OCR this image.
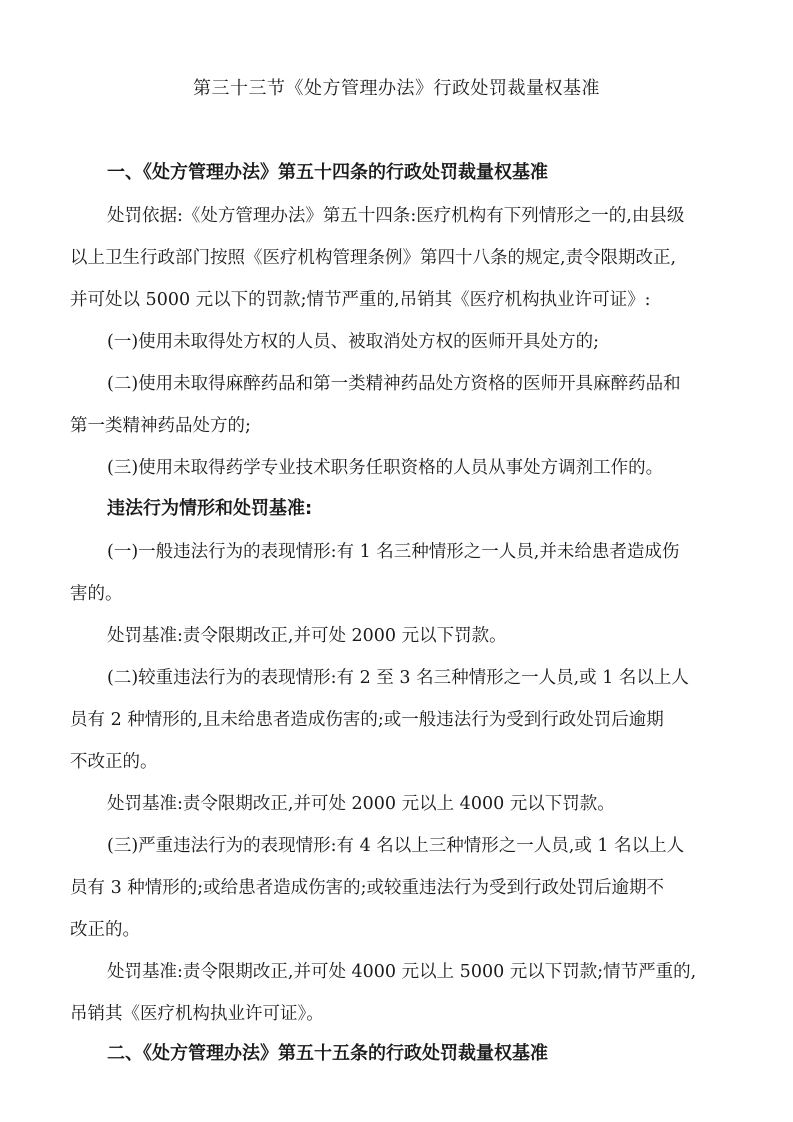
第三十三节《处方管理办法》行政处罚裁量权基准
一、《处方管理办法》第五十四条的行政处罚裁量权基准
处罚依据:《处方管理办法》第五十四条:医疗机构有下列情形之一的,由县级
以上卫生行政部门按照《医疗机构管理条例》第四十八条的规定,责令限期改正,
并可处以 5000 元以下的罚款;情节严重的,吊销其《医疗机构执业许可证》:
(一)使用未取得处方权的人员、被取消处方权的医师开具处方的;
(二)使用未取得麻醉药品和第一类精神药品处方资格的医师开具麻醉药品和
第一类精神药品处方的;
(三)使用未取得药学专业技术职务任职资格的人员从事处方调剂工作的。
违法行为情形和处罚基准:
(一)一般违法行为的表现情形:有 1 名三种情形之一人员,并未给患者造成伤
害的。
处罚基准:责令限期改正,并可处 2000 元以下罚款。
(二)较重违法行为的表现情形:有 2 至 3 名三种情形之一人员,或 1 名以上人
员有 2 种情形的,且未给患者造成伤害的;或一般违法行为受到行政处罚后逾期
不改正的。
处罚基准:责令限期改正,并可处 2000 元以上 4000 元以下罚款。
(三)严重违法行为的表现情形:有 4 名以上三种情形之一人员,或 1 名以上人
员有 3 种情形的;或给患者造成伤害的;或较重违法行为受到行政处罚后逾期不
改正的。
处罚基准:责令限期改正,并可处 4000 元以上 5000 元以下罚款;情节严重的,
吊销其《医疗机构执业许可证》。
二、《处方管理办法》第五十五条的行政处罚裁量权基准
